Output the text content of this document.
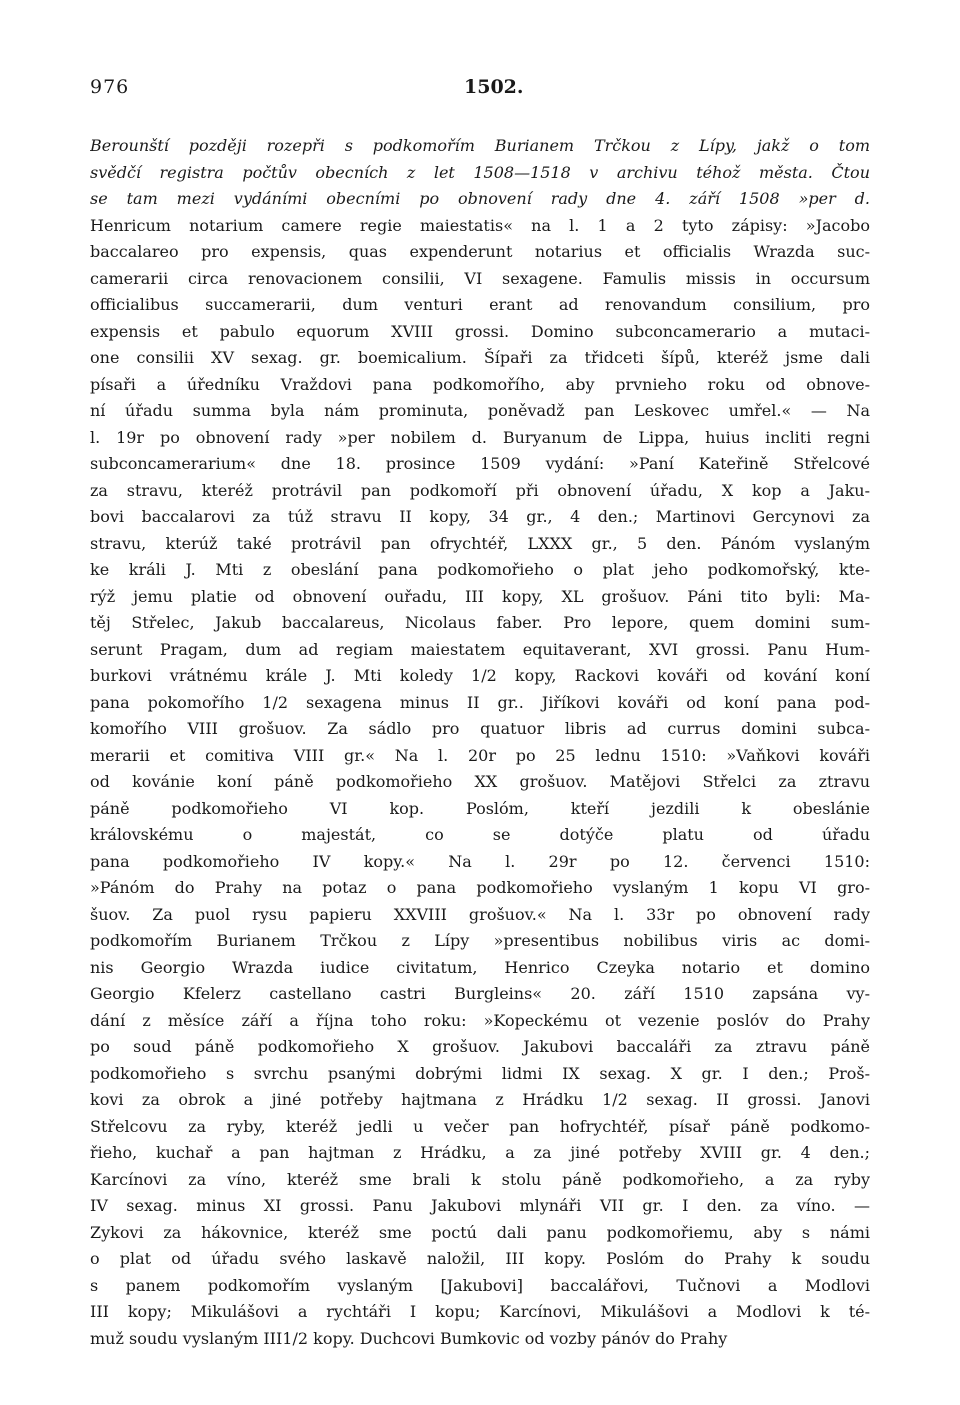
976	1502.
Berounští později rozepři s podkomořím Burianem Trčkou z Lípy, jakž o tom
svědčí registra počtův obecních z let 1508—1518 v archivu téhož města. Čtou
se tam mezi vydáními obecními po obnovení rady dne 4. září 1508 »per d.
Henricum notarium camere regie maiestatis« na l. 1 a 2 tyto zápisy: »Jacobo
baccalareo pro expensis, quas expenderunt notarius et officialis Wrazda suc-
camerarii circa renovacionem consilii, VI sexagene. Famulis missis in occursum
officialibus succamerarii, dum venturi erant ad renovandum consilium, pro
expensis et pabulo equorum XVIII grossi. Domino subconcamerario a mutaci-
one consilii XV sexag. gr. boemicalium. Šípaři za třidceti šípů, kteréž jsme dali
písaři a úředníku Vraždovi pana podkomořího, aby prvnieho roku od obnove-
ní úřadu summa byla nám prominuta, poněvadž pan Leskovec umřel.« — Na
l. 19r po obnovení rady »per nobilem d. Buryanum de Lippa, huius incliti regni
subconcamerarium« dne 18. prosince 1509 vydání: »Paní Kateřině Střelcové
za stravu, kteréž protrávil pan podkomoří při obnovení úřadu, X kop a Jaku-
bovi baccalarovi za túž stravu II kopy, 34 gr., 4 den.; Martinovi Gercynovi za
stravu, kterúž také protrávil pan ofrychtéř, LXXX gr., 5 den. Pánóm vyslaným
ke králi J. Mti z obeslání pana podkomořieho o plat jeho podkomořský, kte-
rýž jemu platie od obnovení ouřadu, III kopy, XL grošuov. Páni tito byli: Ma-
těj Střelec, Jakub baccalareus, Nicolaus faber. Pro lepore, quem domini sum-
serunt Pragam, dum ad regiam maiestatem equitaverant, XVI grossi. Panu Hum-
burkovi vrátnému krále J. Mti koledy 1/2 kopy, Rackovi kováři od kování koní
pana pokomořího 1/2 sexagena minus II gr.. Jiříkovi kováři od koní pana pod-
komořího VIII grošuov. Za sádlo pro quatuor libris ad currus domini subca-
merarii et comitiva VIII gr.« Na l. 20r po 25 lednu 1510: »Vaňkovi kováři
od kovánie koní páně podkomořieho XX grošuov. Matějovi Střelci za ztravu
páně podkomořieho VI kop. Poslóm, kteří jezdili k obeslánie
královskému o majestát, co se dotýče platu od úřadu
pana podkomořieho IV kopy.« Na l. 29r po 12. červenci 1510:
»Pánóm do Prahy na potaz o pana podkomořieho vyslaným 1 kopu VI gro-
šuov. Za puol rysu papieru XXVIII grošuov.« Na l. 33r po obnovení rady
podkomořím Burianem Trčkou z Lípy »presentibus nobilibus viris ac domi-
nis Georgio Wrazda iudice civitatum, Henrico Czeyka notario et domino
Georgio Kfelerz castellano castri Burgleins« 20. září 1510 zapsána vy-
dání z měsíce září a října toho roku: »Kopeckému ot vezenie poslóv do Prahy
po soud páně podkomořieho X grošuov. Jakubovi baccaláři za ztravu páně
podkomořieho s svrchu psanými dobrými lidmi IX sexag. X gr. I den.; Proš-
kovi za obrok a jiné potřeby hajtmana z Hrádku 1/2 sexag. II grossi. Janovi
Střelcovu za ryby, kteréž jedli u večer pan hofrychtéř, písař páně podkomo-
řieho, kuchař a pan hajtman z Hrádku, a za jiné potřeby XVIII gr. 4 den.;
Karcínovi za víno, kteréž sme brali k stolu páně podkomořieho, a za ryby
IV sexag. minus XI grossi. Panu Jakubovi mlynáři VII gr. I den. za víno. —
Zykovi za hákovnice, kteréž sme poctú dali panu podkomořiemu, aby s námi
o plat od úřadu svého laskavě naložil, III kopy. Poslóm do Prahy k soudu
s panem podkomořím vyslaným [Jakubovi] baccalářovi, Tučnovi a Modlovi
III kopy; Mikulášovi a rychtáři I kopu; Karcínovi, Mikulášovi a Modlovi k té-
muž soudu vyslaným III1/2 kopy. Duchcovi Bumkovic od vozby pánóv do Prahy
